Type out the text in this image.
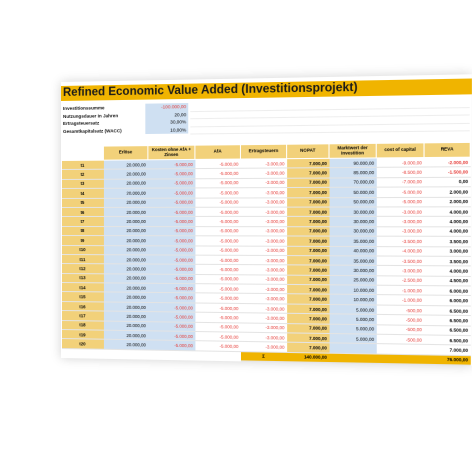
Refined Economic Value Added (Investitionsprojekt)
Investitionssumme	-100.000,00
Nutzungsdauer in Jahren	20,00
Ertragsteuersatz	30,00%
Gesamtkapitalsatz (WACC)	10,00%
	Erlöse	Kosten ohne AfA + Zinsen	AfA	Ertragsteuern	NOPAT	Marktwert der Investition	cost of capital	REVA
t1	20.000,00	-5.000,00	-5.000,00	-3.000,00	7.000,00	90.000,00	-9.000,00	-2.000,00
t2	20.000,00	-5.000,00	-5.000,00	-3.000,00	7.000,00	85.000,00	-8.500,00	-1.500,00
t3	20.000,00	-5.000,00	-5.000,00	-3.000,00	7.000,00	70.000,00	-7.000,00	0,00
t4	20.000,00	-5.000,00	-5.000,00	-3.000,00	7.000,00	50.000,00	-5.000,00	2.000,00
t5	20.000,00	-5.000,00	-5.000,00	-3.000,00	7.000,00	50.000,00	-5.000,00	2.000,00
t6	20.000,00	-5.000,00	-5.000,00	-3.000,00	7.000,00	30.000,00	-3.000,00	4.000,00
t7	20.000,00	-5.000,00	-5.000,00	-3.000,00	7.000,00	30.000,00	-3.000,00	4.000,00
t8	20.000,00	-5.000,00	-5.000,00	-3.000,00	7.000,00	30.000,00	-3.000,00	4.000,00
t9	20.000,00	-5.000,00	-5.000,00	-3.000,00	7.000,00	35.000,00	-3.500,00	3.500,00
t10	20.000,00	-5.000,00	-5.000,00	-3.000,00	7.000,00	40.000,00	-4.000,00	3.000,00
t11	20.000,00	-5.000,00	-5.000,00	-3.000,00	7.000,00	35.000,00	-3.500,00	3.500,00
t12	20.000,00	-5.000,00	-5.000,00	-3.000,00	7.000,00	30.000,00	-3.000,00	4.000,00
t13	20.000,00	-5.000,00	-5.000,00	-3.000,00	7.000,00	25.000,00	-2.500,00	4.500,00
t14	20.000,00	-5.000,00	-5.000,00	-3.000,00	7.000,00	10.000,00	-1.000,00	6.000,00
t15	20.000,00	-5.000,00	-5.000,00	-3.000,00	7.000,00	10.000,00	-1.000,00	6.000,00
t16	20.000,00	-5.000,00	-5.000,00	-3.000,00	7.000,00	5.000,00	-500,00	6.500,00
t17	20.000,00	-5.000,00	-5.000,00	-3.000,00	7.000,00	5.000,00	-500,00	6.500,00
t18	20.000,00	-5.000,00	-5.000,00	-3.000,00	7.000,00	5.000,00	-500,00	6.500,00
t19	20.000,00	-5.000,00	-5.000,00	-3.000,00	7.000,00	5.000,00	-500,00	6.500,00
t20	20.000,00	-5.000,00	-5.000,00	-3.000,00	7.000,00			7.000,00
				Σ	140.000,00			76.000,00
